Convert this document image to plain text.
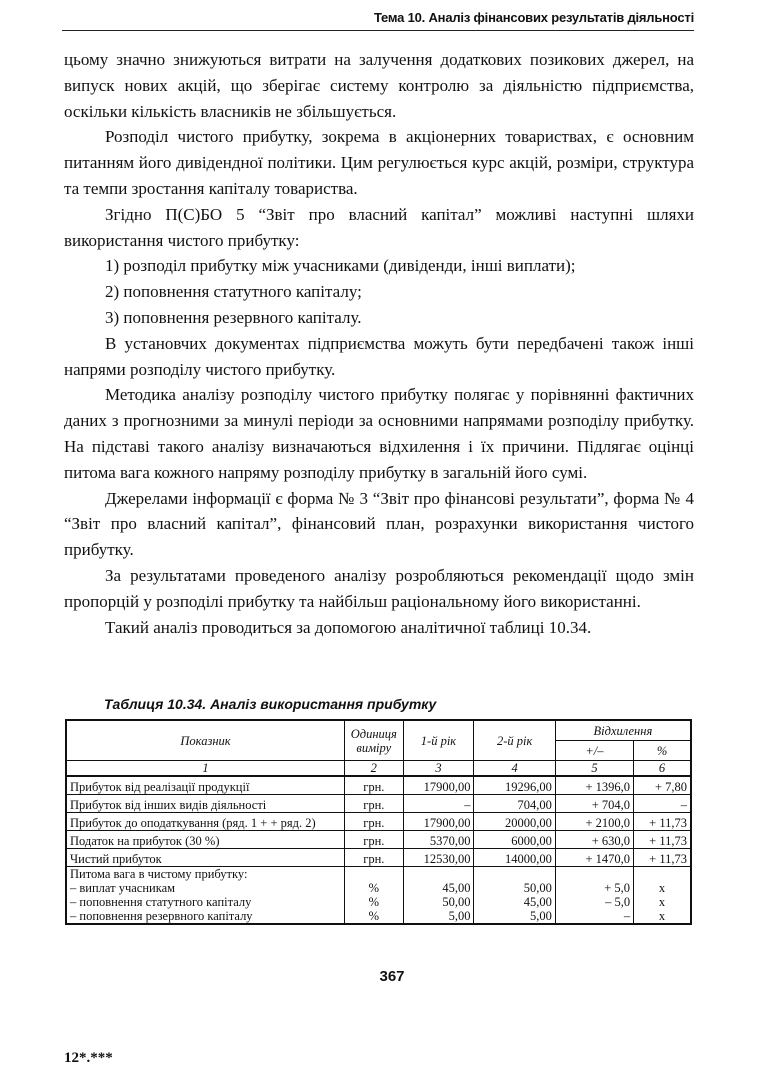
Тема 10. Аналіз фінансових результатів діяльності

цьому значно знижуються витрати на залучення додаткових позикових джерел, на випуск нових акцій, що зберігає систему контролю за діяльністю підприємства, оскільки кількість власників не збільшується.

Розподіл чистого прибутку, зокрема в акціонерних товариствах, є основним питанням його дивідендної політики. Цим регулюється курс акцій, розміри, структура та темпи зростання капіталу товариства.

Згідно П(С)БО 5 “Звіт про власний капітал” можливі наступні шляхи використання чистого прибутку:

1) розподіл прибутку між учасниками (дивіденди, інші виплати);

2) поповнення статутного капіталу;

3) поповнення резервного капіталу.

В установчих документах підприємства можуть бути передбачені також інші напрями розподілу чистого прибутку.

Методика аналізу розподілу чистого прибутку полягає у порівнянні фактичних даних з прогнозними за минулі періоди за основними напрямами розподілу прибутку. На підставі такого аналізу визначаються відхилення і їх причини. Підлягає оцінці питома вага кожного напряму розподілу прибутку в загальній його сумі.

Джерелами інформації є форма № 3 “Звіт про фінансові результати”, форма № 4 “Звіт про власний капітал”, фінансовий план, розрахунки використання чистого прибутку.

За результатами проведеного аналізу розробляються рекомендації щодо змін пропорцій у розподілі прибутку та найбільш раціональному його використанні.

Такий аналіз проводиться за допомогою аналітичної таблиці 10.34.

Таблиця 10.34. Аналіз використання прибутку
Показник	Одиниця виміру	1-й рік	2-й рік	Відхилення	
				+/–	%
1	2	3	4	5	6
Прибуток від реалізації продукції	грн.	17900,00	19296,00	+ 1396,0	+ 7,80
Прибуток від інших видів діяльності	грн.	–	704,00	+ 704,0	–
Прибуток до оподаткування (ряд. 1 + + ряд. 2)	грн.	17900,00	20000,00	+ 2100,0	+ 11,73
Податок на прибуток (30 %)	грн.	5370,00	6000,00	+ 630,0	+ 11,73
Чистий прибуток	грн.	12530,00	14000,00	+ 1470,0	+ 11,73
Питома вага в чистому прибутку:					
– виплат учасникам	%	45,00	50,00	+ 5,0	х
– поповнення статутного капіталу	%	50,00	45,00	– 5,0	х
– поповнення резервного капіталу	%	5,00	5,00	–	х
367
12*.***
